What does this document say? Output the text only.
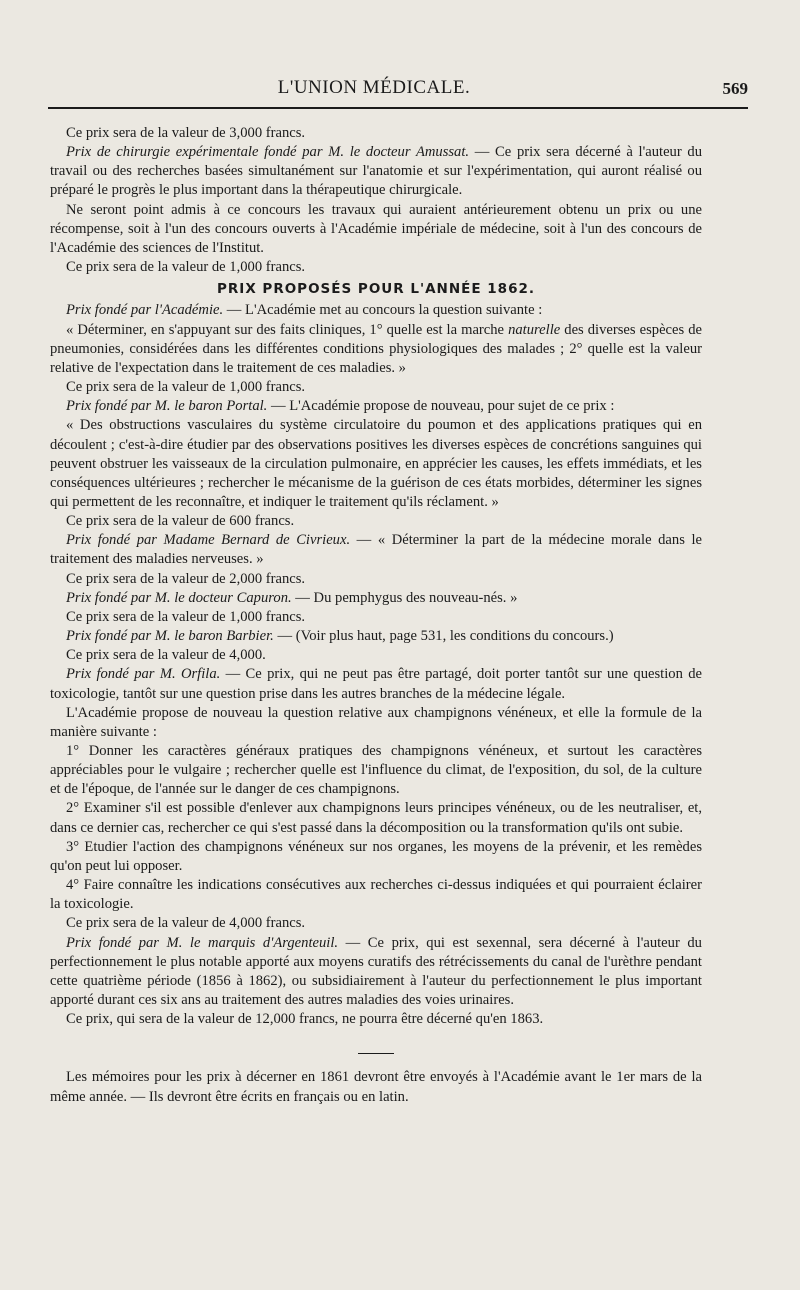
L'UNION MÉDICALE.	569

Ce prix sera de la valeur de 3,000 francs.

Prix de chirurgie expérimentale fondé par M. le docteur Amussat. — Ce prix sera décerné à l'auteur du travail ou des recherches basées simultanément sur l'anatomie et sur l'expérimentation, qui auront réalisé ou préparé le progrès le plus important dans la thérapeutique chirurgicale.

Ne seront point admis à ce concours les travaux qui auraient antérieurement obtenu un prix ou une récompense, soit à l'un des concours ouverts à l'Académie impériale de médecine, soit à l'un des concours de l'Académie des sciences de l'Institut.

Ce prix sera de la valeur de 1,000 francs.

PRIX PROPOSÉS POUR L'ANNÉE 1862.

Prix fondé par l'Académie. — L'Académie met au concours la question suivante :

« Déterminer, en s'appuyant sur des faits cliniques, 1° quelle est la marche naturelle des diverses espèces de pneumonies, considérées dans les différentes conditions physiologiques des malades ; 2° quelle est la valeur relative de l'expectation dans le traitement de ces maladies. »

Ce prix sera de la valeur de 1,000 francs.

Prix fondé par M. le baron Portal. — L'Académie propose de nouveau, pour sujet de ce prix :

« Des obstructions vasculaires du système circulatoire du poumon et des applications pratiques qui en découlent ; c'est-à-dire étudier par des observations positives les diverses espèces de concrétions sanguines qui peuvent obstruer les vaisseaux de la circulation pulmonaire, en apprécier les causes, les effets immédiats, et les conséquences ultérieures ; rechercher le mécanisme de la guérison de ces états morbides, déterminer les signes qui permettent de les reconnaître, et indiquer le traitement qu'ils réclament. »

Ce prix sera de la valeur de 600 francs.

Prix fondé par Madame Bernard de Civrieux. — « Déterminer la part de la médecine morale dans le traitement des maladies nerveuses. »

Ce prix sera de la valeur de 2,000 francs.

Prix fondé par M. le docteur Capuron. — Du pemphygus des nouveau-nés. »

Ce prix sera de la valeur de 1,000 francs.

Prix fondé par M. le baron Barbier. — (Voir plus haut, page 531, les conditions du concours.)

Ce prix sera de la valeur de 4,000.

Prix fondé par M. Orfila. — Ce prix, qui ne peut pas être partagé, doit porter tantôt sur une question de toxicologie, tantôt sur une question prise dans les autres branches de la médecine légale.

L'Académie propose de nouveau la question relative aux champignons vénéneux, et elle la formule de la manière suivante :

1° Donner les caractères généraux pratiques des champignons vénéneux, et surtout les caractères appréciables pour le vulgaire ; rechercher quelle est l'influence du climat, de l'exposition, du sol, de la culture et de l'époque, de l'année sur le danger de ces champignons.

2° Examiner s'il est possible d'enlever aux champignons leurs principes vénéneux, ou de les neutraliser, et, dans ce dernier cas, rechercher ce qui s'est passé dans la décomposition ou la transformation qu'ils ont subie.

3° Etudier l'action des champignons vénéneux sur nos organes, les moyens de la prévenir, et les remèdes qu'on peut lui opposer.

4° Faire connaître les indications consécutives aux recherches ci-dessus indiquées et qui pourraient éclairer la toxicologie.

Ce prix sera de la valeur de 4,000 francs.

Prix fondé par M. le marquis d'Argenteuil. — Ce prix, qui est sexennal, sera décerné à l'auteur du perfectionnement le plus notable apporté aux moyens curatifs des rétrécissements du canal de l'urèthre pendant cette quatrième période (1856 à 1862), ou subsidiairement à l'auteur du perfectionnement le plus important apporté durant ces six ans au traitement des autres maladies des voies urinaires.

Ce prix, qui sera de la valeur de 12,000 francs, ne pourra être décerné qu'en 1863.

Les mémoires pour les prix à décerner en 1861 devront être envoyés à l'Académie avant le 1er mars de la même année. — Ils devront être écrits en français ou en latin.
